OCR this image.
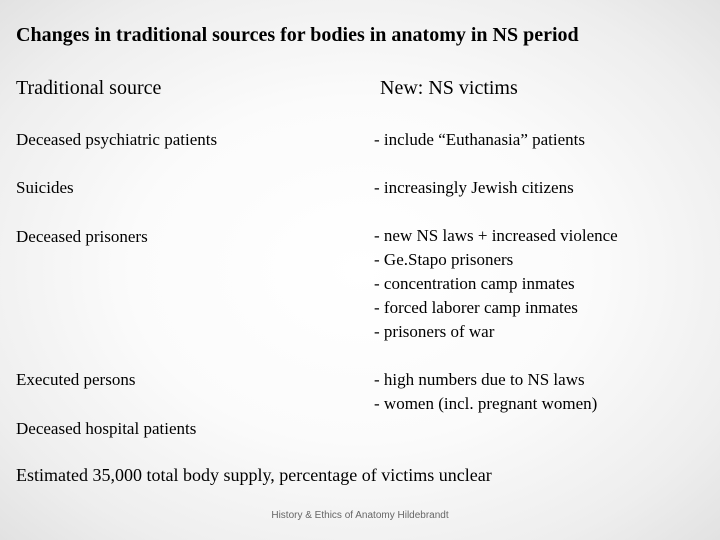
Changes in traditional sources for bodies in anatomy in NS period
Traditional source	New: NS victims
Deceased psychiatric patients	- include “Euthanasia” patients
Suicides	- increasingly Jewish citizens
Deceased prisoners	- new NS laws + increased violence
- Ge.Stapo prisoners
- concentration camp inmates
- forced laborer camp inmates
- prisoners of war
Executed persons	- high numbers due to NS laws
- women (incl. pregnant women)
Deceased hospital patients
Estimated 35,000 total body supply, percentage of victims unclear
History & Ethics of Anatomy Hildebrandt
